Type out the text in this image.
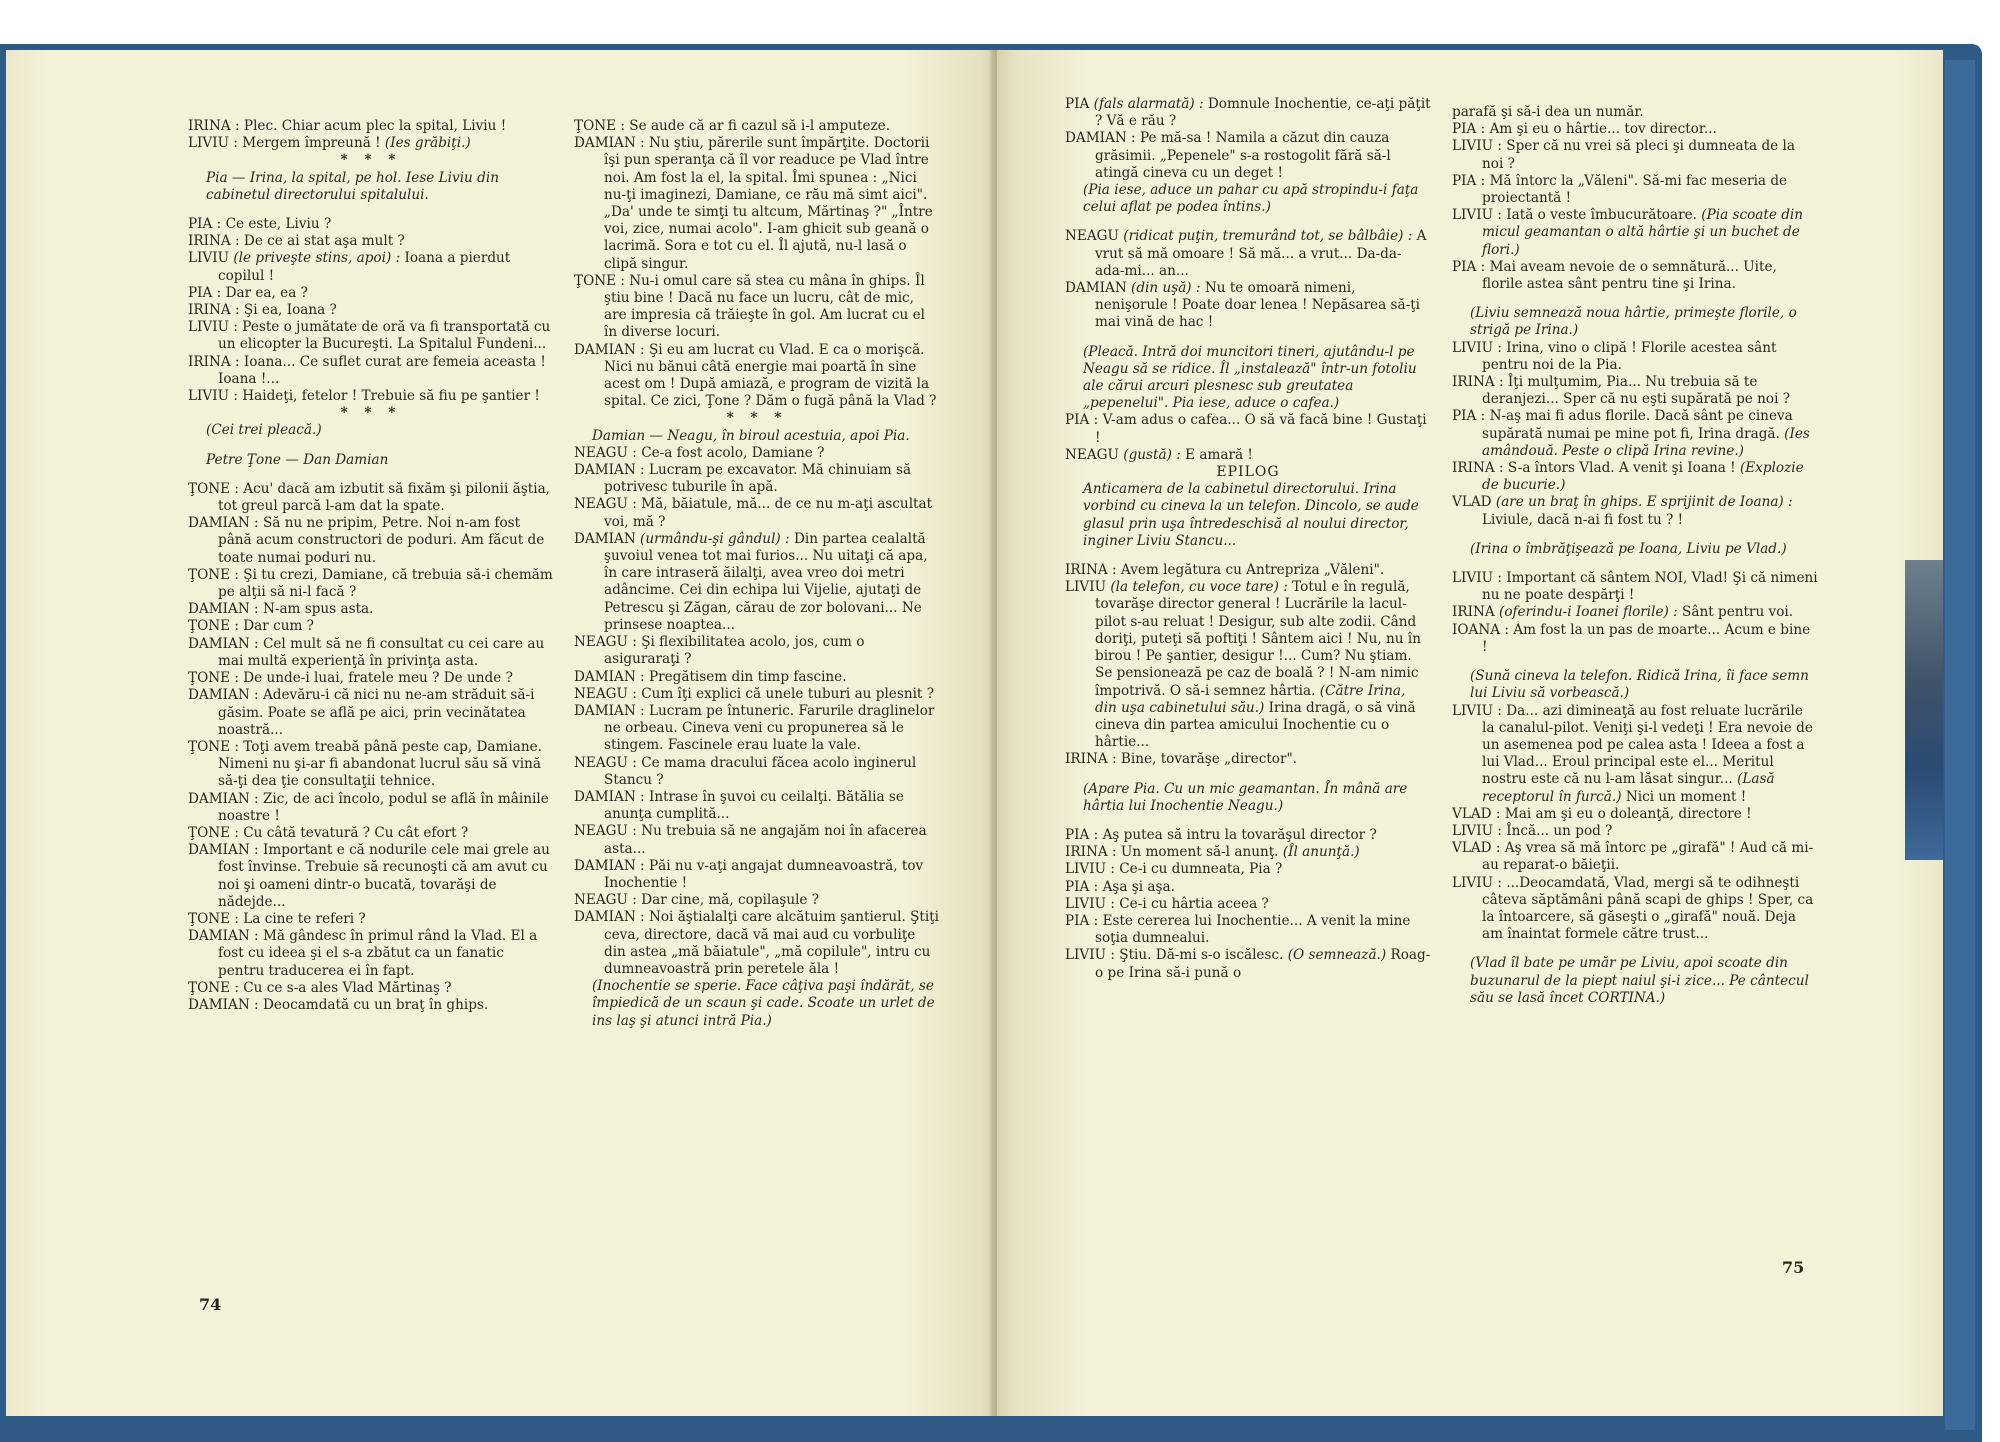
IRINA : Plec. Chiar acum plec la spital, Liviu !

LIVIU : Mergem împreună ! (Ies grăbiţi.)

* * *

Pia — Irina, la spital, pe hol. Iese Liviu din cabinetul directorului spitalului.

PIA : Ce este, Liviu ?

IRINA : De ce ai stat aşa mult ?

LIVIU (le priveşte stins, apoi) : Ioana a pierdut copilul !

PIA : Dar ea, ea ?

IRINA : Şi ea, Ioana ?

LIVIU : Peste o jumătate de oră va fi transportată cu un elicopter la Bucureşti. La Spitalul Fundeni...

IRINA : Ioana... Ce suflet curat are femeia aceasta ! Ioana !...

LIVIU : Haideţi, fetelor ! Trebuie să fiu pe şantier !

* * *

(Cei trei pleacă.)

Petre Ţone — Dan Damian

ŢONE : Acu' dacă am izbutit să fixăm şi pilonii ăştia, tot greul parcă l-am dat la spate.

DAMIAN : Să nu ne pripim, Petre. Noi n-am fost până acum constructori de poduri. Am făcut de toate numai poduri nu.

ŢONE : Şi tu crezi, Damiane, că trebuia să-i chemăm pe alţii să ni-l facă ?

DAMIAN : N-am spus asta.

ŢONE : Dar cum ?

DAMIAN : Cel mult să ne fi consultat cu cei care au mai multă experienţă în privinţa asta.

ŢONE : De unde-i luai, fratele meu ? De unde ?

DAMIAN : Adevăru-i că nici nu ne-am străduit să-i găsim. Poate se află pe aici, prin vecinătatea noastră...

ŢONE : Toţi avem treabă până peste cap, Damiane. Nimeni nu şi-ar fi abandonat lucrul său să vină să-ţi dea ţie consultaţii tehnice.

DAMIAN : Zic, de aci încolo, podul se află în mâinile noastre !

ŢONE : Cu câtă tevatură ? Cu cât efort ?

DAMIAN : Important e că nodurile cele mai grele au fost învinse. Trebuie să recunoşti că am avut cu noi şi oameni dintr-o bucată, tovarăşi de nădejde...

ŢONE : La cine te referi ?

DAMIAN : Mă gândesc în primul rând la Vlad. El a fost cu ideea şi el s-a zbătut ca un fanatic pentru traducerea ei în fapt.

ŢONE : Cu ce s-a ales Vlad Mărtinaş ?

DAMIAN : Deocamdată cu un braţ în ghips.

ŢONE : Se aude că ar fi cazul să i-l amputeze.

DAMIAN : Nu ştiu, părerile sunt împărţite. Doctorii îşi pun speranţa că îl vor readuce pe Vlad între noi. Am fost la el, la spital. Îmi spunea : „Nici nu-ţi imaginezi, Damiane, ce rău mă simt aici". „Da' unde te simţi tu altcum, Mărtinaş ?" „Între voi, zice, numai acolo". I-am ghicit sub geană o lacrimă. Sora e tot cu el. Îl ajută, nu-l lasă o clipă singur.

ŢONE : Nu-i omul care să stea cu mâna în ghips. Îl ştiu bine ! Dacă nu face un lucru, cât de mic, are impresia că trăieşte în gol. Am lucrat cu el în diverse locuri.

DAMIAN : Şi eu am lucrat cu Vlad. E ca o morişcă. Nici nu bănui câtă energie mai poartă în sine acest om ! După amiază, e program de vizită la spital. Ce zici, Ţone ? Dăm o fugă până la Vlad ?

* * *

Damian — Neagu, în biroul acestuia, apoi Pia.

NEAGU : Ce-a fost acolo, Damiane ?

DAMIAN : Lucram pe excavator. Mă chinuiam să potrivesc tuburile în apă.

NEAGU : Mă, băiatule, mă... de ce nu m-aţi ascultat voi, mă ?

DAMIAN (urmându-şi gândul) : Din partea cealaltă şuvoiul venea tot mai furios... Nu uitaţi că apa, în care intraseră ăilalţi, avea vreo doi metri adâncime. Cei din echipa lui Vijelie, ajutaţi de Petrescu şi Zăgan, cărau de zor bolovani... Ne prinsese noaptea...

NEAGU : Şi flexibilitatea acolo, jos, cum o asiguraraţi ?

DAMIAN : Pregătisem din timp fascine.

NEAGU : Cum îţi explici că unele tuburi au plesnit ?

DAMIAN : Lucram pe întuneric. Farurile draglinelor ne orbeau. Cineva veni cu propunerea să le stingem. Fascinele erau luate la vale.

NEAGU : Ce mama dracului făcea acolo inginerul Stancu ?

DAMIAN : Intrase în şuvoi cu ceilalţi. Bătălia se anunţa cumplită...

NEAGU : Nu trebuia să ne angajăm noi în afacerea asta...

DAMIAN : Păi nu v-aţi angajat dumneavoastră, tov Inochentie !

NEAGU : Dar cine, mă, copilaşule ?

DAMIAN : Noi ăştialalţi care alcătuim şantierul. Ştiţi ceva, directore, dacă vă mai aud cu vorbuliţe din astea „mă băiatule", „mă copilule", intru cu dumneavoastră prin peretele ăla !

(Inochentie se sperie. Face câţiva paşi îndărăt, se împiedică de un scaun şi cade. Scoate un urlet de ins laş şi atunci intră Pia.)

74

PIA (fals alarmată) : Domnule Inochentie, ce-aţi păţit ? Vă e rău ?

DAMIAN : Pe mă-sa ! Namila a căzut din cauza grăsimii. „Pepenele" s-a rostogolit fără să-l atingă cineva cu un deget !

(Pia iese, aduce un pahar cu apă stropindu-i faţa celui aflat pe podea întins.)

NEAGU (ridicat puţin, tremurând tot, se bâlbâie) : A vrut să mă omoare ! Să mă... a vrut... Da-da-ada-mi... an...

DAMIAN (din uşă) : Nu te omoară nimeni, nenişorule ! Poate doar lenea ! Nepăsarea să-ţi mai vină de hac !

(Pleacă. Intră doi muncitori tineri, ajutându-l pe Neagu să se ridice. Îl „instalează" într-un fotoliu ale cărui arcuri plesnesc sub greutatea „pepenelui". Pia iese, aduce o cafea.)

PIA : V-am adus o cafea... O să vă facă bine ! Gustaţi !

NEAGU (gustă) : E amară !

EPILOG

Anticamera de la cabinetul directorului. Irina vorbind cu cineva la un telefon. Dincolo, se aude glasul prin uşa întredeschisă al noului director, inginer Liviu Stancu...

IRINA : Avem legătura cu Antrepriza „Văleni".

LIVIU (la telefon, cu voce tare) : Totul e în regulă, tovarăşe director general ! Lucrările la lacul-pilot s-au reluat ! Desigur, sub alte zodii. Când doriţi, puteţi să poftiţi ! Sântem aici ! Nu, nu în birou ! Pe şantier, desigur !... Cum? Nu ştiam. Se pensionează pe caz de boală ? ! N-am nimic împotrivă. O să-i semnez hârtia. (Către Irina, din uşa cabinetului său.) Irina dragă, o să vină cineva din partea amicului Inochentie cu o hârtie...

IRINA : Bine, tovarăşe „director".

(Apare Pia. Cu un mic geamantan. În mână are hârtia lui Inochentie Neagu.)

PIA : Aş putea să intru la tovarăşul director ?

IRINA : Un moment să-l anunţ. (Îl anunţă.)

LIVIU : Ce-i cu dumneata, Pia ?

PIA : Aşa şi aşa.

LIVIU : Ce-i cu hârtia aceea ?

PIA : Este cererea lui Inochentie... A venit la mine soţia dumnealui.

LIVIU : Ştiu. Dă-mi s-o iscălesc. (O semnează.) Roag-o pe Irina să-i pună o

parafă şi să-i dea un număr.

PIA : Am şi eu o hârtie... tov director...

LIVIU : Sper că nu vrei să pleci şi dumneata de la noi ?

PIA : Mă întorc la „Văleni". Să-mi fac meseria de proiectantă !

LIVIU : Iată o veste îmbucurătoare. (Pia scoate din micul geamantan o altă hârtie şi un buchet de flori.)

PIA : Mai aveam nevoie de o semnătură... Uite, florile astea sânt pentru tine şi Irina.

(Liviu semnează noua hârtie, primeşte florile, o strigă pe Irina.)

LIVIU : Irina, vino o clipă ! Florile acestea sânt pentru noi de la Pia.

IRINA : Îţi mulţumim, Pia... Nu trebuia să te deranjezi... Sper că nu eşti supărată pe noi ?

PIA : N-aş mai fi adus florile. Dacă sânt pe cineva supărată numai pe mine pot fi, Irina dragă. (Ies amândouă. Peste o clipă Irina revine.)

IRINA : S-a întors Vlad. A venit şi Ioana ! (Explozie de bucurie.)

VLAD (are un braţ în ghips. E sprijinit de Ioana) : Liviule, dacă n-ai fi fost tu ? !

(Irina o îmbrăţişează pe Ioana, Liviu pe Vlad.)

LIVIU : Important că sântem NOI, Vlad! Şi că nimeni nu ne poate despărţi !

IRINA (oferindu-i Ioanei florile) : Sânt pentru voi.

IOANA : Am fost la un pas de moarte... Acum e bine !

(Sună cineva la telefon. Ridică Irina, îi face semn lui Liviu să vorbească.)

LIVIU : Da... azi dimineaţă au fost reluate lucrările la canalul-pilot. Veniţi şi-l vedeţi ! Era nevoie de un asemenea pod pe calea asta ! Ideea a fost a lui Vlad... Eroul principal este el... Meritul nostru este că nu l-am lăsat singur... (Lasă receptorul în furcă.) Nici un moment !

VLAD : Mai am şi eu o doleanţă, directore !

LIVIU : Încă... un pod ?

VLAD : Aş vrea să mă întorc pe „girafă" ! Aud că mi-au reparat-o băieţii.

LIVIU : ...Deocamdată, Vlad, mergi să te odihneşti câteva săptămâni până scapi de ghips ! Sper, ca la întoarcere, să găseşti o „girafă" nouă. Deja am înaintat formele către trust...

(Vlad îl bate pe umăr pe Liviu, apoi scoate din buzunarul de la piept naiul şi-i zice... Pe cântecul său se lasă încet CORTINA.)

75
